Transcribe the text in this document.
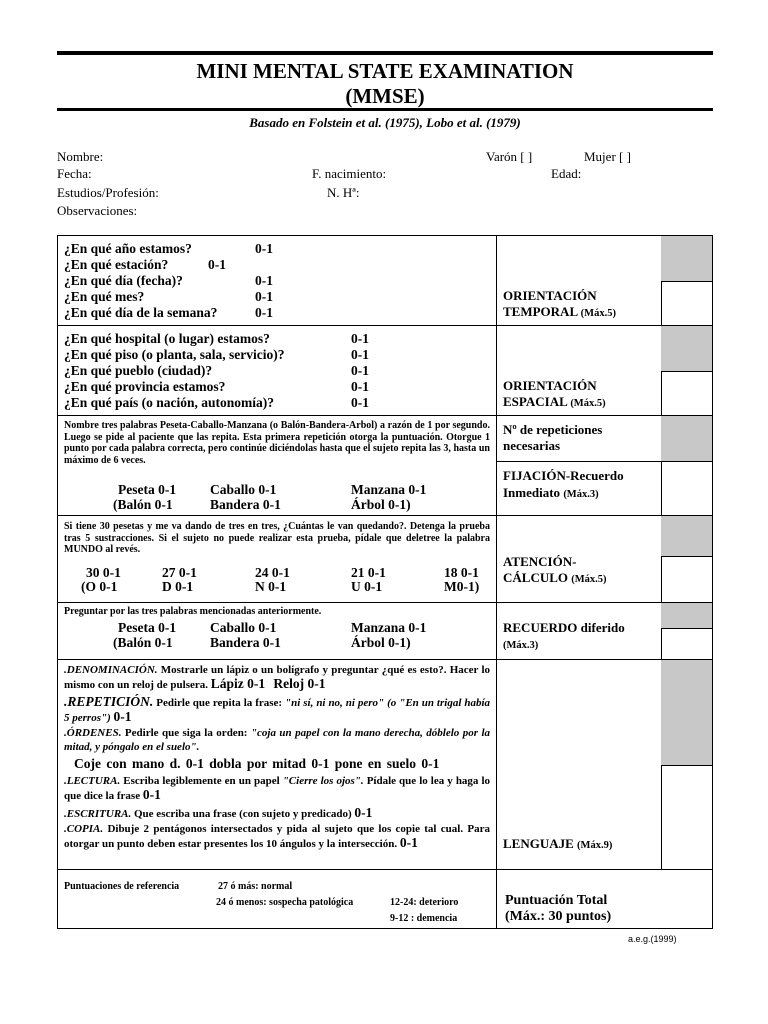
MINI MENTAL STATE EXAMINATION
(MMSE)
Basado en Folstein et al. (1975), Lobo et al. (1979)
Nombre:	Varón [ ]	Mujer [ ]
Fecha:	F. nacimiento:	Edad:
Estudios/Profesión:	N. Hª:
Observaciones:
¿En qué año estamos?	0-1
¿En qué estación?	0-1
¿En qué día (fecha)?	0-1
¿En qué mes?	0-1
¿En qué día de la semana?	0-1
ORIENTACIÓN
TEMPORAL (Máx.5)
¿En qué hospital (o lugar) estamos?	0-1
¿En qué piso (o planta, sala, servicio)?	0-1
¿En qué pueblo (ciudad)?	0-1
¿En qué provincia estamos?	0-1
¿En qué país (o nación, autonomía)?	0-1
ORIENTACIÓN
ESPACIAL (Máx.5)
Nombre tres palabras Peseta-Caballo-Manzana (o Balón-Bandera-Arbol) a razón de 1 por segundo. Luego se pide al paciente que las repita. Esta primera repetición otorga la puntuación. Otorgue 1 punto por cada palabra correcta, pero continúe diciéndolas hasta que el sujeto repita las 3, hasta un máximo de 6 veces.
Peseta 0-1	Caballo 0-1	Manzana 0-1
(Balón 0-1	Bandera 0-1	Árbol 0-1)
Nº de repeticiones
necesarias
FIJACIÓN-Recuerdo
Inmediato (Máx.3)
Si tiene 30 pesetas y me va dando de tres en tres, ¿Cuántas le van quedando?. Detenga la prueba tras 5 sustracciones. Si el sujeto no puede realizar esta prueba, pídale que deletree la palabra MUNDO al revés.
30 0-1	27 0-1	24 0-1	21 0-1	18 0-1
(O 0-1	D 0-1	N 0-1	U 0-1	M0-1)
ATENCIÓN-
CÁLCULO (Máx.5)
Preguntar por las tres palabras mencionadas anteriormente.
Peseta 0-1	Caballo 0-1	Manzana 0-1
(Balón 0-1	Bandera 0-1	Árbol 0-1)
RECUERDO diferido
(Máx.3)
.DENOMINACIÓN. Mostrarle un lápiz o un bolígrafo y preguntar ¿qué es esto?. Hacer lo mismo con un reloj de pulsera. Lápiz 0-1 Reloj 0-1
.REPETICIÓN. Pedirle que repita la frase: "ni sí, ni no, ni pero" (o "En un trigal había 5 perros") 0-1
.ÓRDENES. Pedirle que siga la orden: "coja un papel con la mano derecha, dóblelo por la mitad, y póngalo en el suelo".
Coje con mano d. 0-1 dobla por mitad 0-1 pone en suelo 0-1
.LECTURA. Escriba legiblemente en un papel "Cierre los ojos". Pídale que lo lea y haga lo que dice la frase 0-1
.ESCRITURA. Que escriba una frase (con sujeto y predicado) 0-1
.COPIA. Dibuje 2 pentágonos intersectados y pida al sujeto que los copie tal cual. Para otorgar un punto deben estar presentes los 10 ángulos y la intersección. 0-1	LENGUAJE (Máx.9)
Puntuaciones de referencia	27 ó más: normal
24 ó menos: sospecha patológica	12-24: deterioro
9-12 : demencia
Puntuación Total
(Máx.: 30 puntos)
a.e.g.(1999)
